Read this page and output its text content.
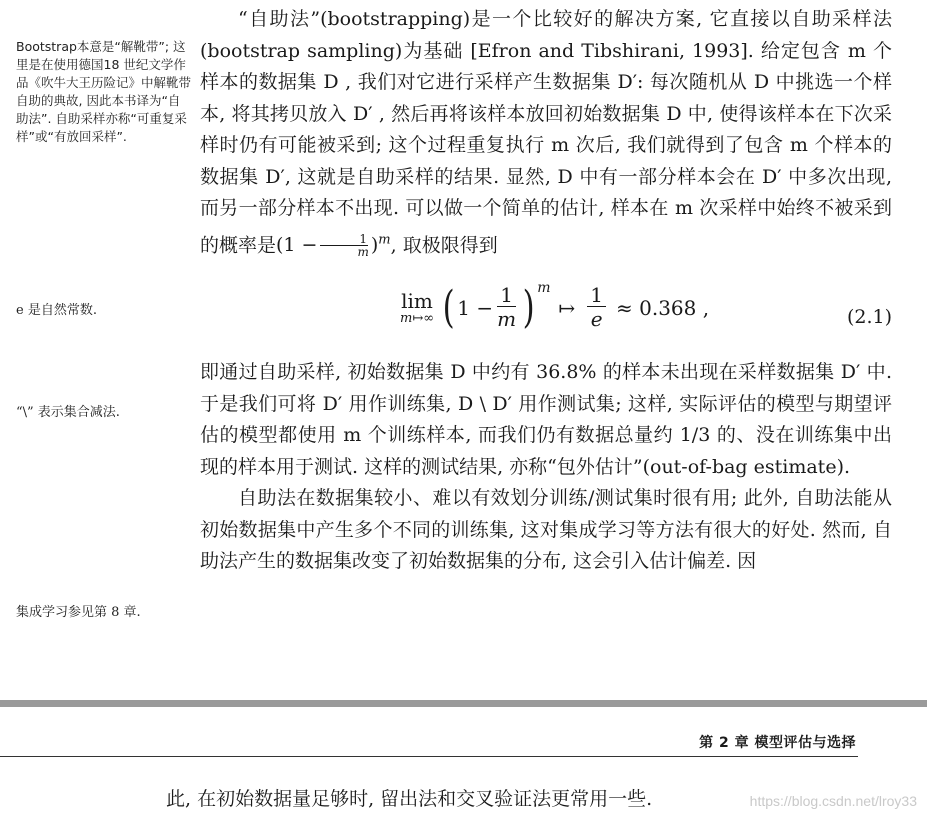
“自助法”(bootstrapping)是一个比较好的解决方案, 它直接以自助采样法(bootstrap sampling)为基础 [Efron and Tibshirani, 1993]. 给定包含 m 个样本的数据集 D , 我们对它进行采样产生数据集 D′: 每次随机从 D 中挑选一个样本, 将其拷贝放入 D′ , 然后再将该样本放回初始数据集 D 中, 使得该样本在下次采样时仍有可能被采到; 这个过程重复执行 m 次后, 我们就得到了包含 m 个样本的数据集 D′, 这就是自助采样的结果. 显然, D 中有一部分样本会在 D′ 中多次出现, 而另一部分样本不出现. 可以做一个简单的估计, 样本在 m 次采样中始终不被采到的概率是$(1 - \frac{1}{m} )^m$, 取极限得到

即通过自助采样, 初始数据集 D 中约有 36.8% 的样本未出现在采样数据集 D′ 中. 于是我们可将 D′ 用作训练集, D \ D′ 用作测试集; 这样, 实际评估的模型与期望评估的模型都使用 m 个训练样本, 而我们仍有数据总量约 1/3 的、没在训练集中出现的样本用于测试. 这样的测试结果, 亦称“包外估计”(out-of-bag estimate).

自助法在数据集较小、难以有效划分训练/测试集时很有用; 此外, 自助法能从初始数据集中产生多个不同的训练集, 这对集成学习等方法有很大的好处. 然而, 自助法产生的数据集改变了初始数据集的分布, 这会引入估计偏差. 因

lim
m↦∞ ( $1 - \frac{1}{m}$ ) m
↦ $\frac{1}{e} \approx 0.368$ ,	(2.1)
Bootstrap本意是“解靴带”; 这里是在使用德国18 世纪文学作品《吹牛大王历险记》中解靴带自助的典故, 因此本书译为“自助法”. 自助采样亦称“可重复采样”或“有放回采样”.
e 是自然常数.
“\” 表示集合减法.
集成学习参见第 8 章.
第 2 章 模型评估与选择
此, 在初始数据量足够时, 留出法和交叉验证法更常用一些.	https://blog.csdn.net/lroy33
